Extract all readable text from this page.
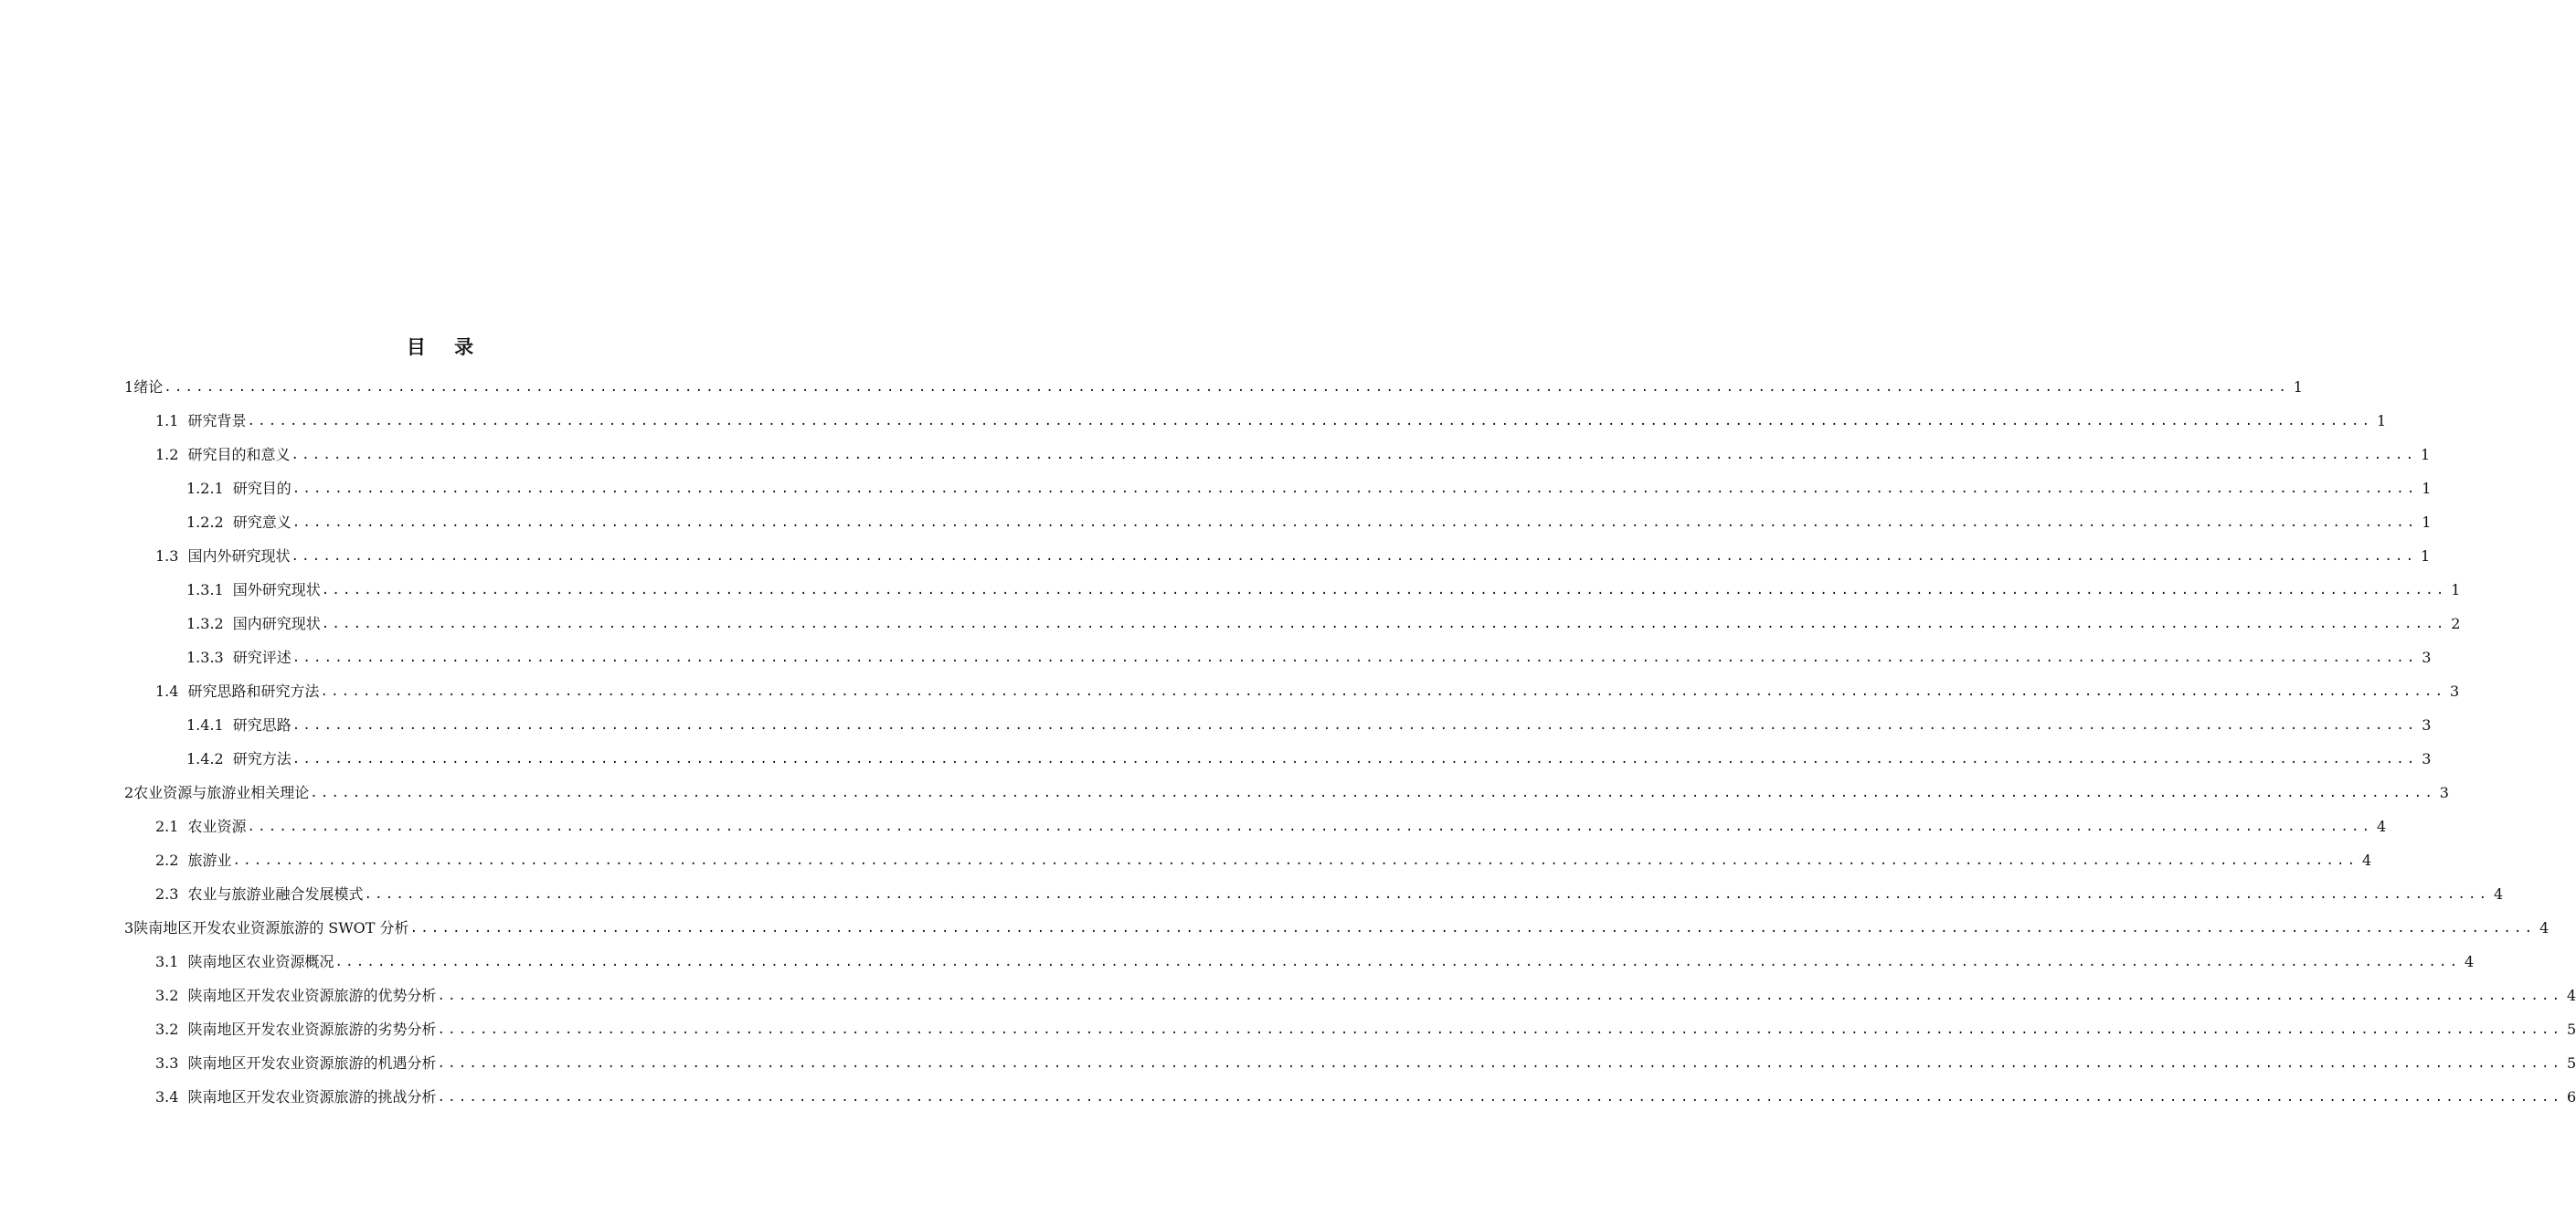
目 录
1 绪论 ........................................................................................................................................................................................................ 1
1.1 研究背景 ........................................................................................................................................................................................................ 1
1.2 研究目的和意义 ........................................................................................................................................................................................................ 1
1.2.1 研究目的 ........................................................................................................................................................................................................ 1
1.2.2 研究意义 ........................................................................................................................................................................................................ 1
1.3 国内外研究现状 ........................................................................................................................................................................................................ 1
1.3.1 国外研究现状 ........................................................................................................................................................................................................ 1
1.3.2 国内研究现状 ........................................................................................................................................................................................................ 2
1.3.3 研究评述 ........................................................................................................................................................................................................ 3
1.4 研究思路和研究方法 ........................................................................................................................................................................................................ 3
1.4.1 研究思路 ........................................................................................................................................................................................................ 3
1.4.2 研究方法 ........................................................................................................................................................................................................ 3
2 农业资源与旅游业相关理论 ........................................................................................................................................................................................................ 3
2.1 农业资源 ........................................................................................................................................................................................................ 4
2.2 旅游业 ........................................................................................................................................................................................................ 4
2.3 农业与旅游业融合发展模式 ........................................................................................................................................................................................................ 4
3 陕南地区开发农业资源旅游的 SWOT 分析 ........................................................................................................................................................................................................ 4
3.1 陕南地区农业资源概况 ........................................................................................................................................................................................................ 4
3.2 陕南地区开发农业资源旅游的优势分析 ........................................................................................................................................................................................................ 4
3.2 陕南地区开发农业资源旅游的劣势分析 ........................................................................................................................................................................................................ 5
3.3 陕南地区开发农业资源旅游的机遇分析 ........................................................................................................................................................................................................ 5
3.4 陕南地区开发农业资源旅游的挑战分析 ........................................................................................................................................................................................................ 6
